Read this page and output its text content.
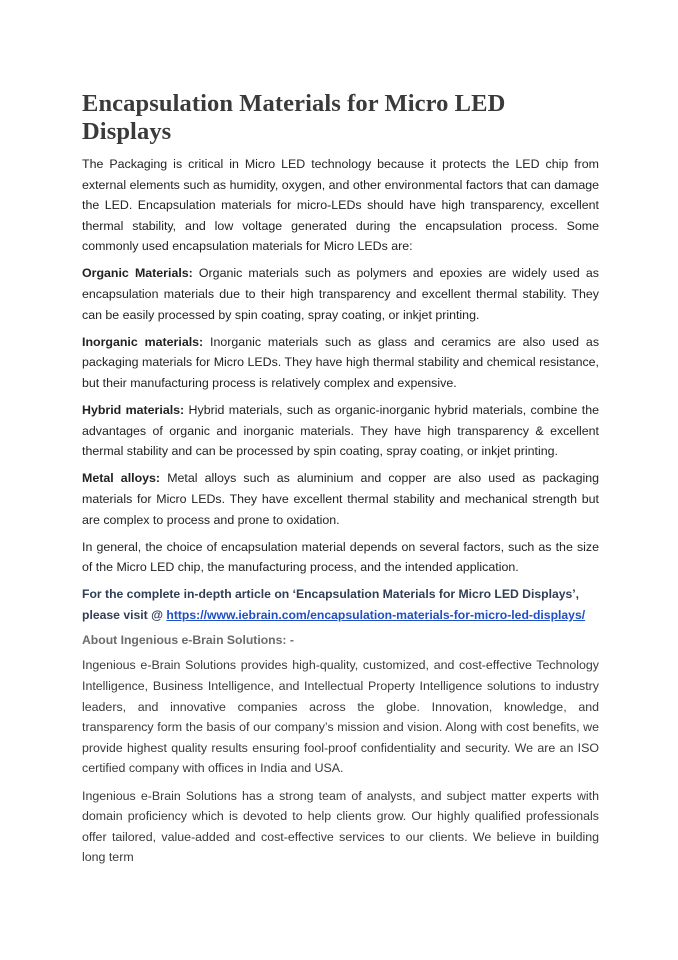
Encapsulation Materials for Micro LED Displays

The Packaging is critical in Micro LED technology because it protects the LED chip from external elements such as humidity, oxygen, and other environmental factors that can damage the LED. Encapsulation materials for micro-LEDs should have high transparency, excellent thermal stability, and low voltage generated during the encapsulation process. Some commonly used encapsulation materials for Micro LEDs are:

Organic Materials: Organic materials such as polymers and epoxies are widely used as encapsulation materials due to their high transparency and excellent thermal stability. They can be easily processed by spin coating, spray coating, or inkjet printing.

Inorganic materials: Inorganic materials such as glass and ceramics are also used as packaging materials for Micro LEDs. They have high thermal stability and chemical resistance, but their manufacturing process is relatively complex and expensive.

Hybrid materials: Hybrid materials, such as organic-inorganic hybrid materials, combine the advantages of organic and inorganic materials. They have high transparency & excellent thermal stability and can be processed by spin coating, spray coating, or inkjet printing.

Metal alloys: Metal alloys such as aluminium and copper are also used as packaging materials for Micro LEDs. They have excellent thermal stability and mechanical strength but are complex to process and prone to oxidation.

In general, the choice of encapsulation material depends on several factors, such as the size of the Micro LED chip, the manufacturing process, and the intended application.

For the complete in-depth article on ‘Encapsulation Materials for Micro LED Displays’, please visit @ https://www.iebrain.com/encapsulation-materials-for-micro-led-displays/

About Ingenious e-Brain Solutions: -

Ingenious e-Brain Solutions provides high-quality, customized, and cost-effective Technology Intelligence, Business Intelligence, and Intellectual Property Intelligence solutions to industry leaders, and innovative companies across the globe. Innovation, knowledge, and transparency form the basis of our company’s mission and vision. Along with cost benefits, we provide highest quality results ensuring fool-proof confidentiality and security. We are an ISO certified company with offices in India and USA.

Ingenious e-Brain Solutions has a strong team of analysts, and subject matter experts with domain proficiency which is devoted to help clients grow. Our highly qualified professionals offer tailored, value-added and cost-effective services to our clients. We believe in building long term
